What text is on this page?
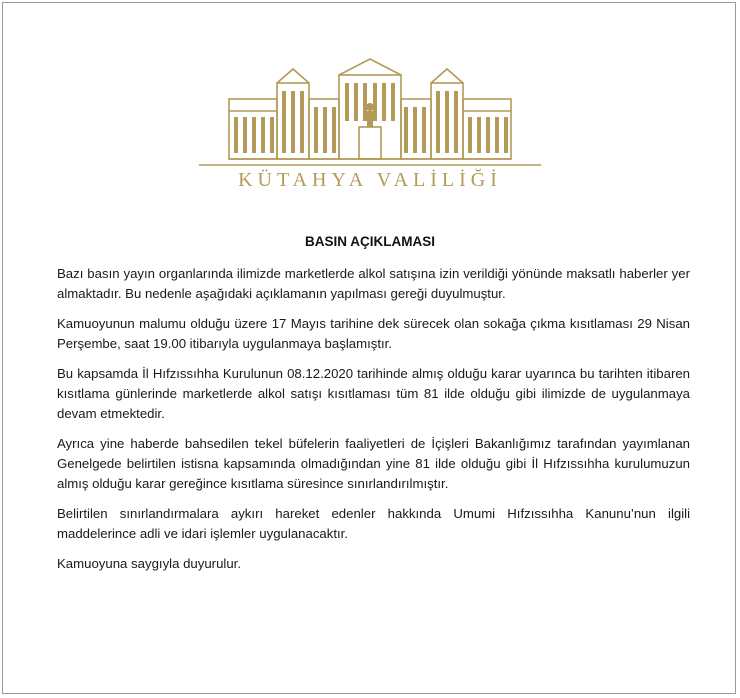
KÜTAHYA VALİLİĞİ
BASIN AÇIKLAMASI

Bazı basın yayın organlarında ilimizde marketlerde alkol satışına izin verildiği yönünde maksatlı haberler yer almaktadır. Bu nedenle aşağıdaki açıklamanın yapılması gereği duyulmuştur.

Kamuoyunun malumu olduğu üzere 17 Mayıs tarihine dek sürecek olan sokağa çıkma kısıtlaması 29 Nisan Perşembe, saat 19.00 itibarıyla uygulanmaya başlamıştır.

Bu kapsamda İl Hıfzıssıhha Kurulunun 08.12.2020 tarihinde almış olduğu karar uyarınca bu tarihten itibaren kısıtlama günlerinde marketlerde alkol satışı kısıtlaması tüm 81 ilde olduğu gibi ilimizde de uygulanmaya devam etmektedir.

Ayrıca yine haberde bahsedilen tekel büfelerin faaliyetleri de İçişleri Bakanlığımız tarafından yayımlanan Genelgede belirtilen istisna kapsamında olmadığından yine 81 ilde olduğu gibi İl Hıfzıssıhha kurulumuzun almış olduğu karar gereğince kısıtlama süresince sınırlandırılmıştır.

Belirtilen sınırlandırmalara aykırı hareket edenler hakkında Umumi Hıfzıssıhha Kanunu’nun ilgili maddelerince adli ve idari işlemler uygulanacaktır.

Kamuoyuna saygıyla duyurulur.
